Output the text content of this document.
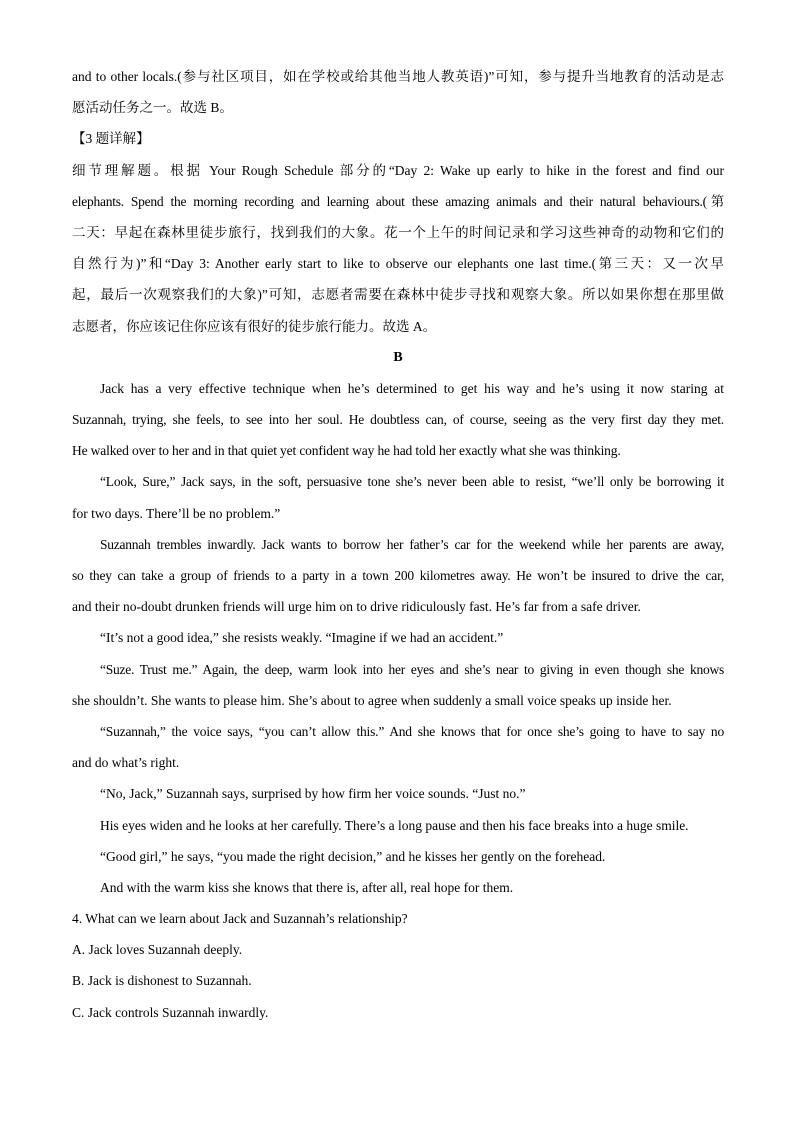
and to other locals.(参与社区项目，如在学校或给其他当地人教英语)”可知，参与提升当地教育的活动是志
愿活动任务之一。故选 B。
【3 题详解】
细节理解题。根据 Your Rough Schedule 部分的“Day 2: Wake up early to hike in the forest and find our
elephants. Spend the morning recording and learning about these amazing animals and their natural behaviours.(第
二天：早起在森林里徒步旅行，找到我们的大象。花一个上午的时间记录和学习这些神奇的动物和它们的
自然行为)”和“Day 3: Another early start to like to observe our elephants one last time.(第三天：又一次早
起，最后一次观察我们的大象)”可知，志愿者需要在森林中徒步寻找和观察大象。所以如果你想在那里做
志愿者，你应该记住你应该有很好的徒步旅行能力。故选 A。
B
Jack has a very effective technique when he’s determined to get his way and he’s using it now staring at
Suzannah, trying, she feels, to see into her soul. He doubtless can, of course, seeing as the very first day they met.
He walked over to her and in that quiet yet confident way he had told her exactly what she was thinking.
“Look, Sure,” Jack says, in the soft, persuasive tone she’s never been able to resist, “we’ll only be borrowing it
for two days. There’ll be no problem.”
Suzannah trembles inwardly. Jack wants to borrow her father’s car for the weekend while her parents are away,
so they can take a group of friends to a party in a town 200 kilometres away. He won’t be insured to drive the car,
and their no-doubt drunken friends will urge him on to drive ridiculously fast. He’s far from a safe driver.
“It’s not a good idea,” she resists weakly. “Imagine if we had an accident.”
“Suze. Trust me.” Again, the deep, warm look into her eyes and she’s near to giving in even though she knows
she shouldn’t. She wants to please him. She’s about to agree when suddenly a small voice speaks up inside her.
“Suzannah,” the voice says, “you can’t allow this.” And she knows that for once she’s going to have to say no
and do what’s right.
“No, Jack,” Suzannah says, surprised by how firm her voice sounds. “Just no.”
His eyes widen and he looks at her carefully. There’s a long pause and then his face breaks into a huge smile.
“Good girl,” he says, “you made the right decision,” and he kisses her gently on the forehead.
And with the warm kiss she knows that there is, after all, real hope for them.
4. What can we learn about Jack and Suzannah’s relationship?
A. Jack loves Suzannah deeply.
B. Jack is dishonest to Suzannah.
C. Jack controls Suzannah inwardly.
